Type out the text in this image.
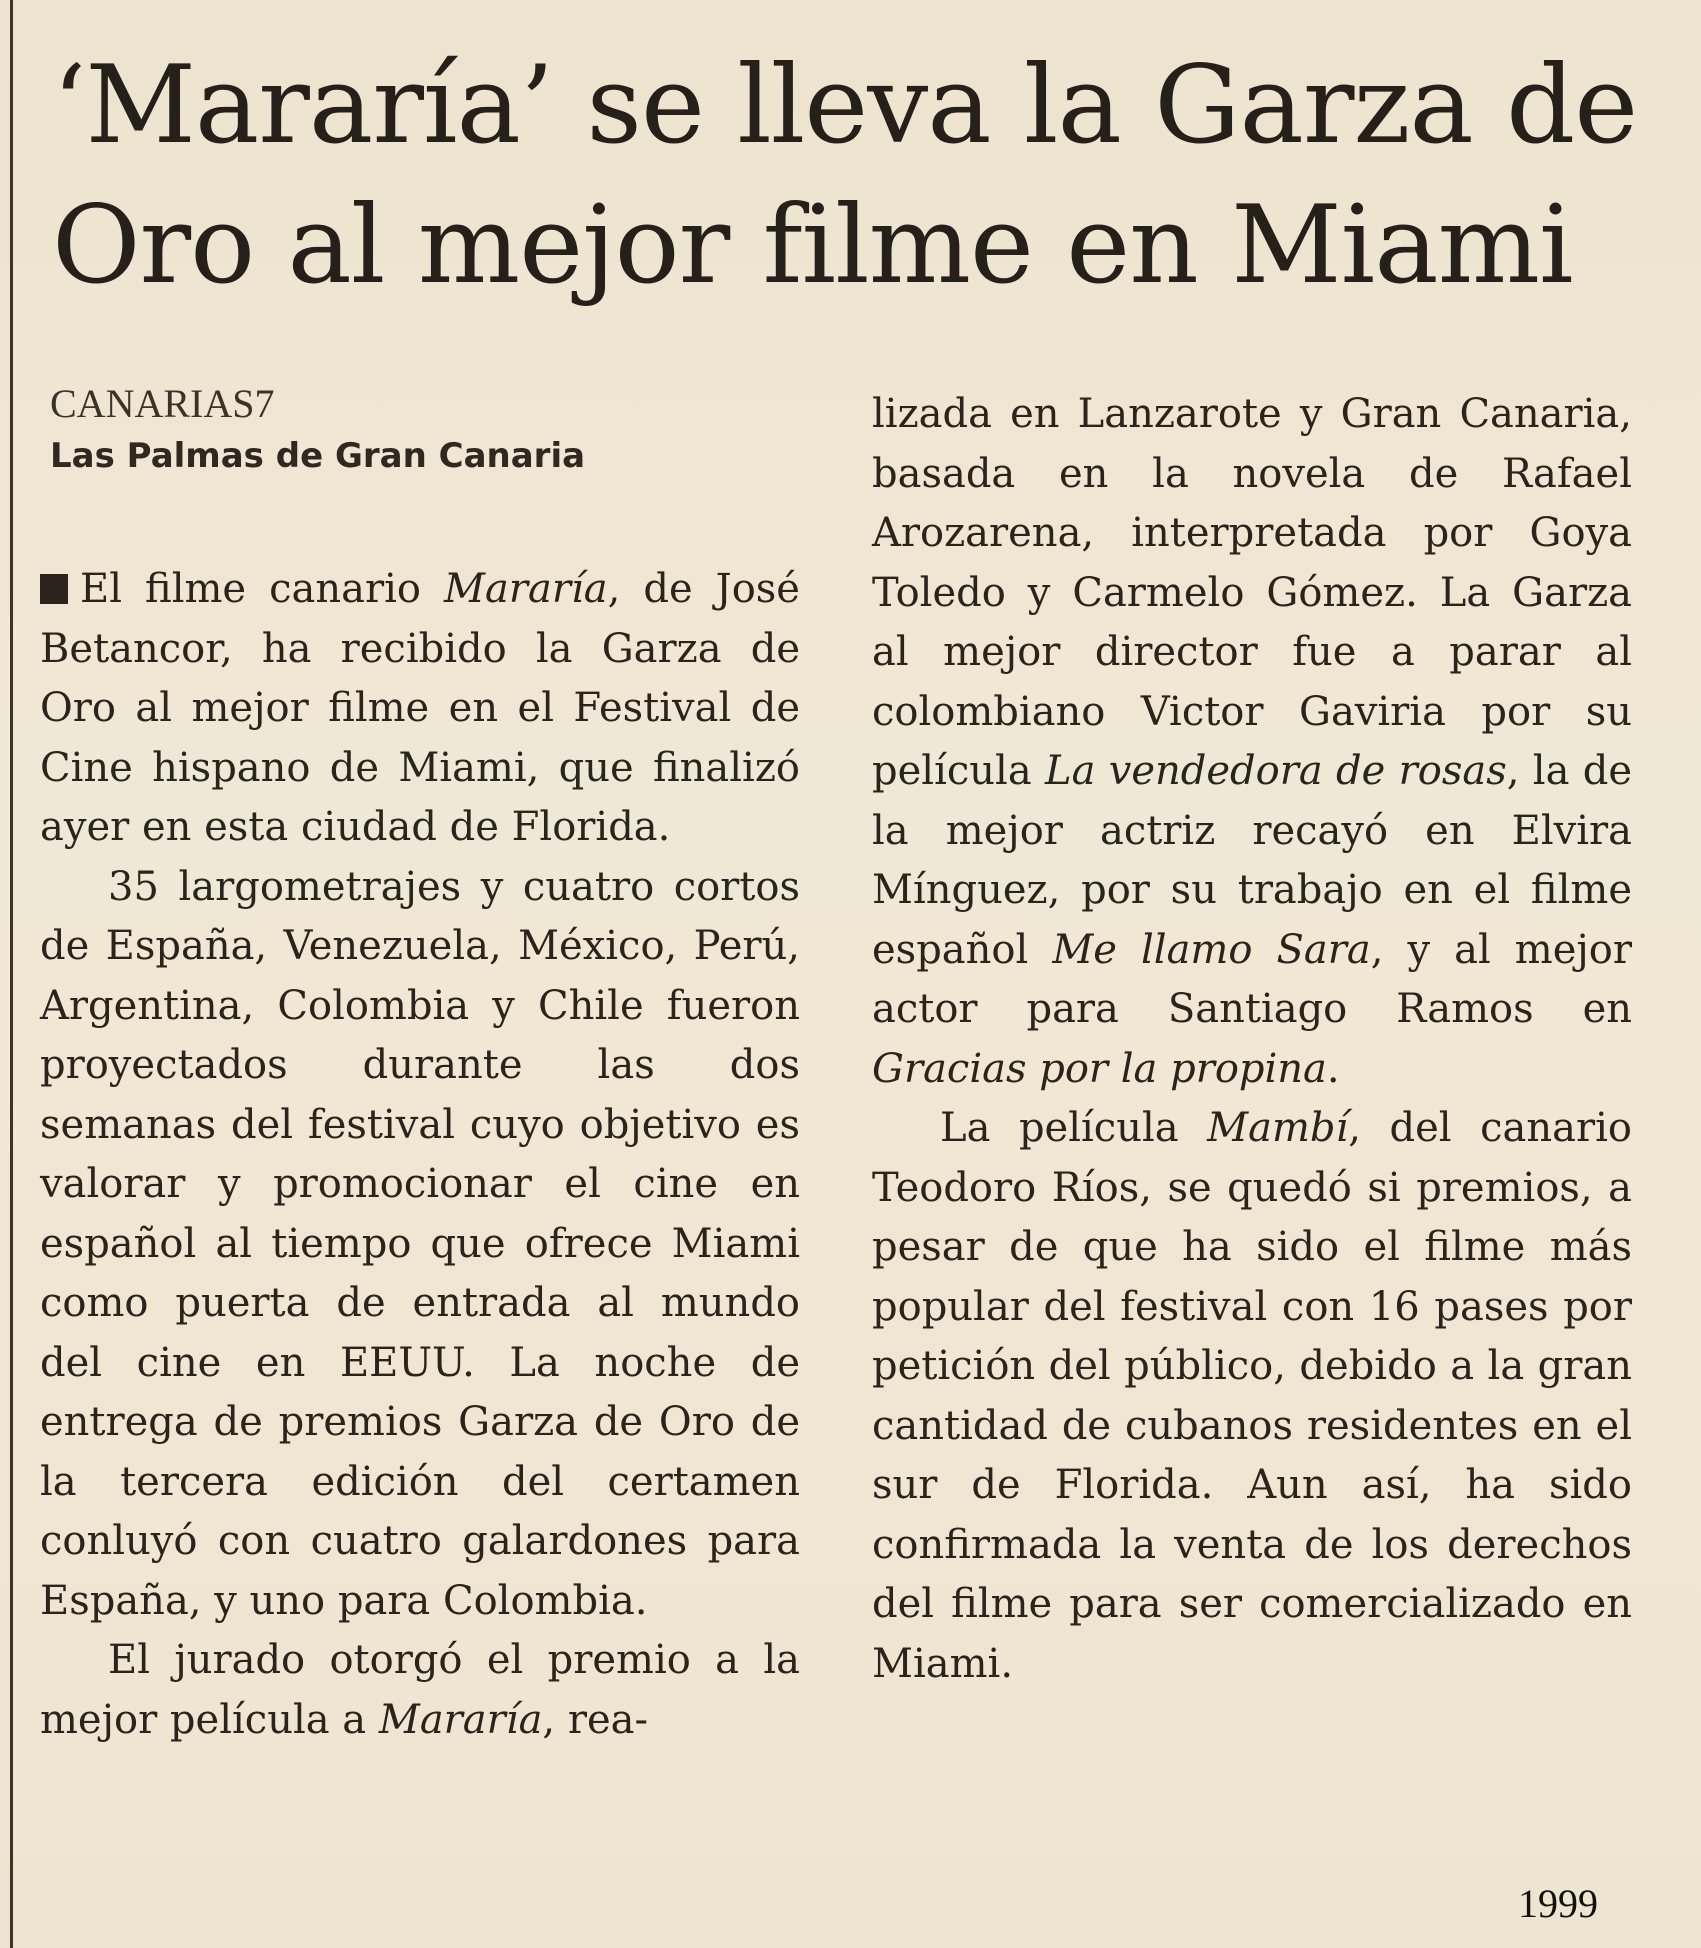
‘Mararía’ se lleva la Garza de
Oro al mejor filme en Miami
CANARIAS7
Las Palmas de Gran Canaria

El filme canario Mararía, de José Betancor, ha recibido la Garza de Oro al mejor filme en el Festival de Cine hispano de Miami, que finalizó ayer en esta ciudad de Florida.

35 largometrajes y cuatro cortos de España, Venezuela, México, Perú, Argentina, Colombia y Chile fueron proyectados durante las dos semanas del festival cuyo objetivo es valorar y promocionar el cine en español al tiempo que ofrece Miami como puerta de entrada al mundo del cine en EEUU. La noche de entrega de premios Garza de Oro de la tercera edición del certamen conluyó con cuatro galardones para España, y uno para Colombia.

El jurado otorgó el premio a la mejor película a Mararía, rea-

lizada en Lanzarote y Gran Canaria, basada en la novela de Rafael Arozarena, interpretada por Goya Toledo y Carmelo Gómez. La Garza al mejor director fue a parar al colombiano Victor Gaviria por su película La vendedora de rosas, la de la mejor actriz recayó en Elvira Mínguez, por su trabajo en el filme español Me llamo Sara, y al mejor actor para Santiago Ramos en Gracias por la propina.

La película Mambí, del canario Teodoro Ríos, se quedó si premios, a pesar de que ha sido el filme más popular del festival con 16 pases por petición del público, debido a la gran cantidad de cubanos residentes en el sur de Florida. Aun así, ha sido confirmada la venta de los derechos del filme para ser comercializado en Miami.

1999
